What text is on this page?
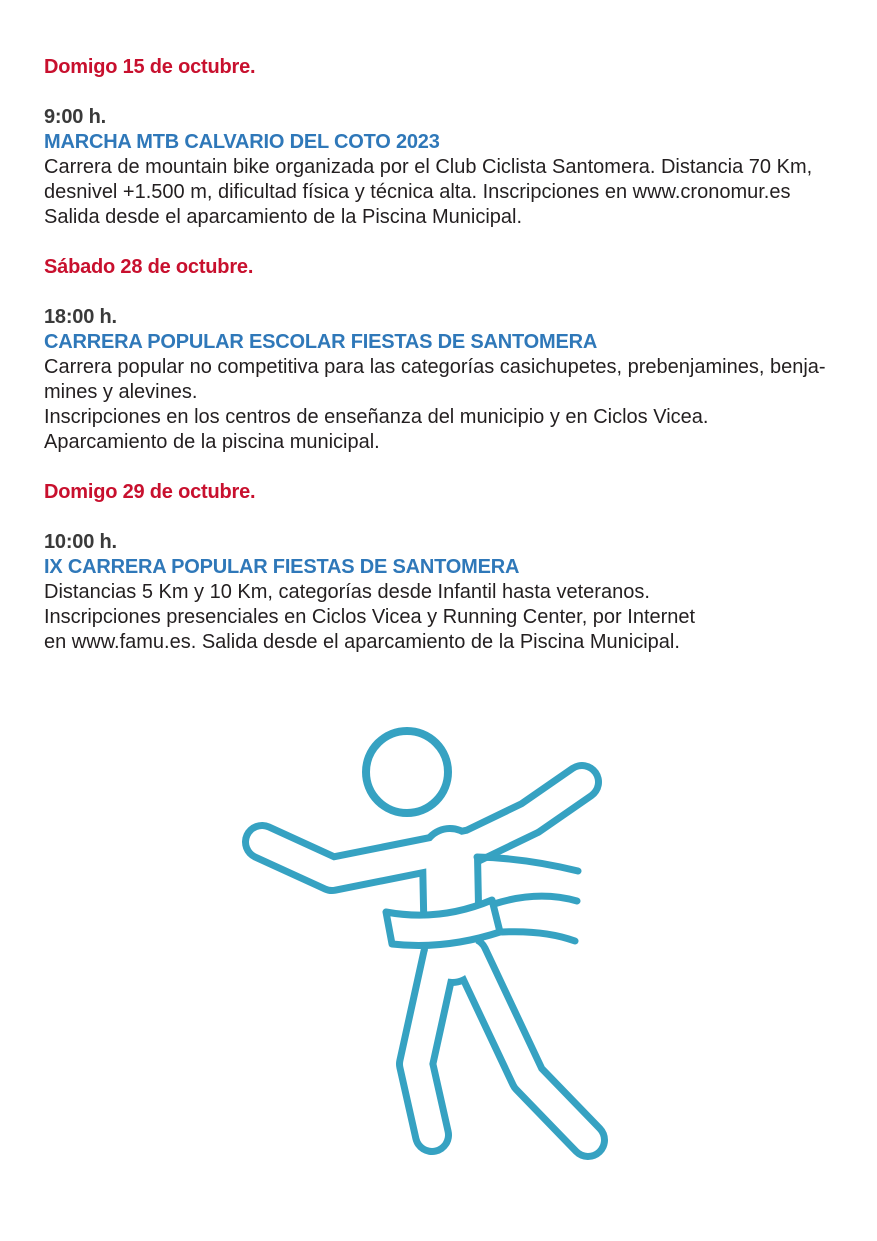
Domigo 15 de octubre.
9:00 h.
MARCHA MTB CALVARIO DEL COTO 2023
Carrera de mountain bike organizada por el Club Ciclista Santomera. Distancia 70 Km,
desnivel +1.500 m, dificultad física y técnica alta. Inscripciones en www.cronomur.es
Salida desde el aparcamiento de la Piscina Municipal.
Sábado 28 de octubre.
18:00 h.
CARRERA POPULAR ESCOLAR FIESTAS DE SANTOMERA
Carrera popular no competitiva para las categorías casichupetes, prebenjamines, benja-
mines y alevines.
Inscripciones en los centros de enseñanza del municipio y en Ciclos Vicea.
Aparcamiento de la piscina municipal.
Domigo 29 de octubre.
10:00 h.
IX CARRERA POPULAR FIESTAS DE SANTOMERA
Distancias 5 Km y 10 Km, categorías desde Infantil hasta veteranos.
Inscripciones presenciales en Ciclos Vicea y Running Center, por Internet
en www.famu.es. Salida desde el aparcamiento de la Piscina Municipal.
